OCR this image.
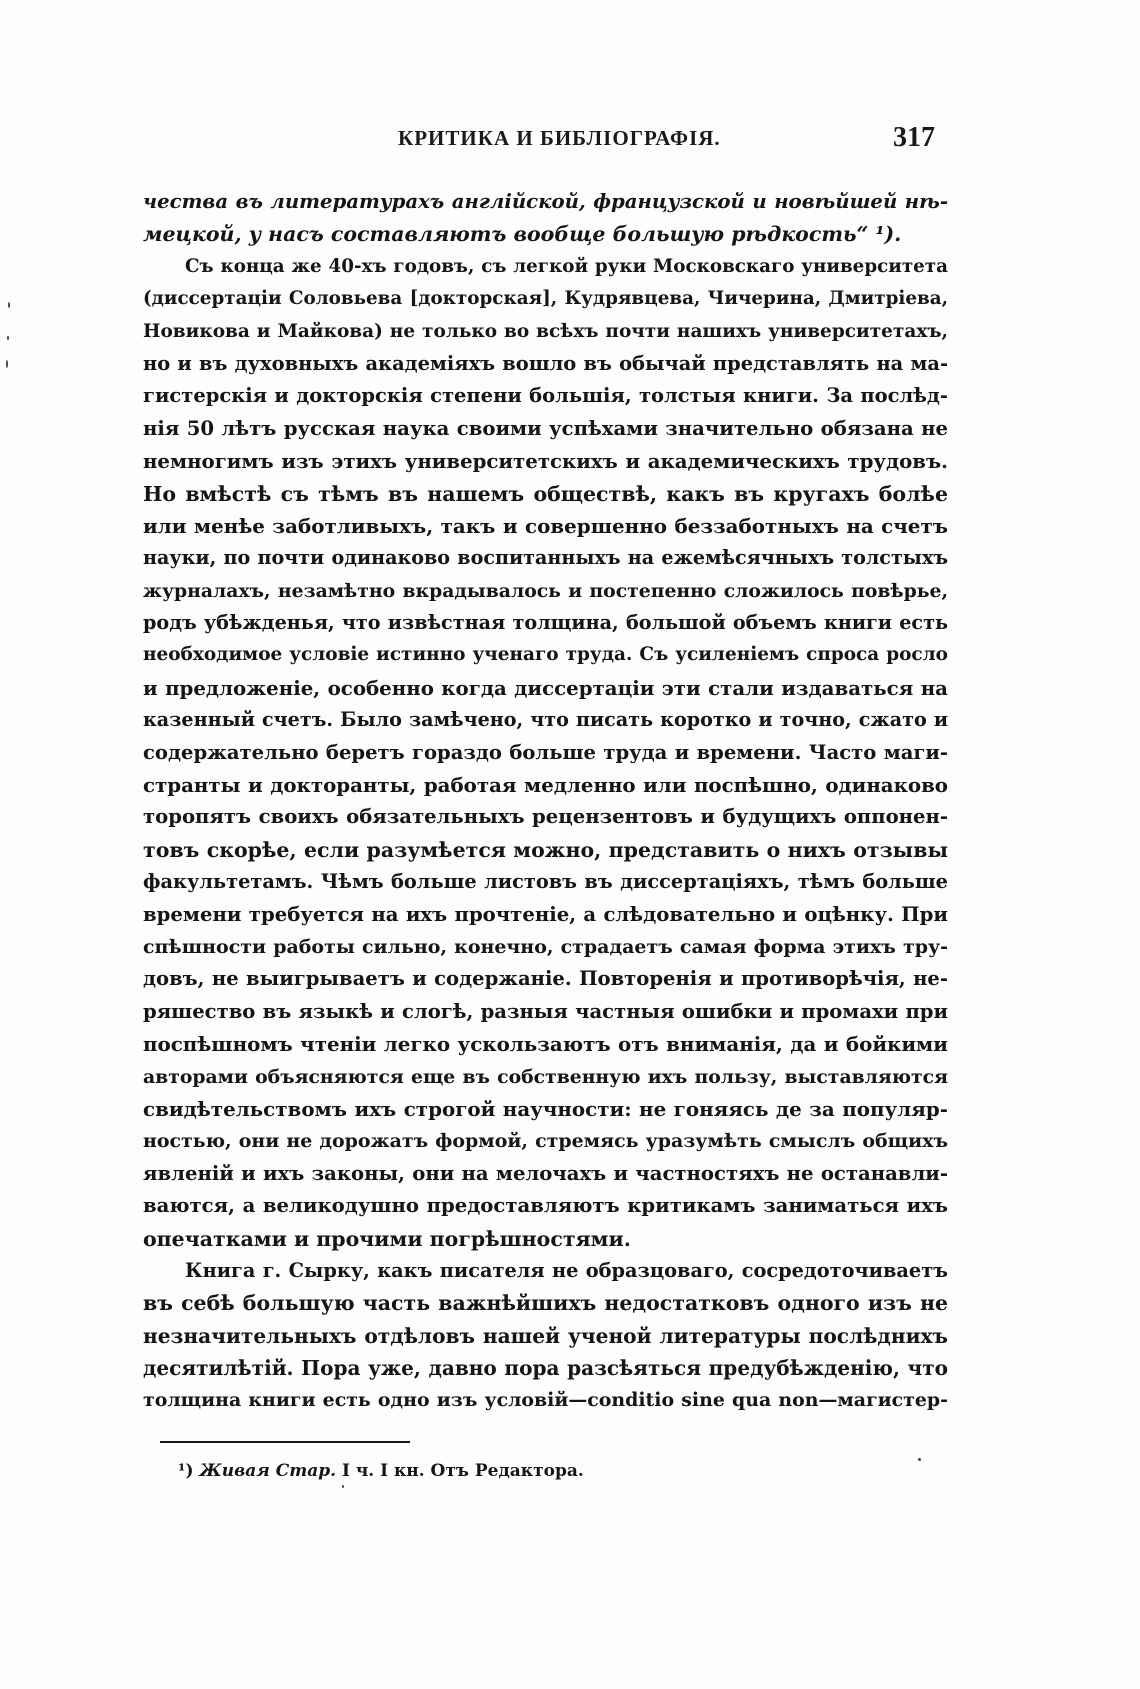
КРИТИКА И БИБЛІОГРАФІЯ.	317
чества въ литературахъ англійской, французской и новѣйшей нѣ-
мецкой, у насъ составляютъ вообще большую рѣдкость“ ¹).
Съ конца же 40-хъ годовъ, съ легкой руки Московскаго университета
(диссертаціи Соловьева [докторская], Кудрявцева, Чичерина, Дмитріева,
Новикова и Майкова) не только во всѣхъ почти нашихъ университетахъ,
но и въ духовныхъ академіяхъ вошло въ обычай представлять на ма-
гистерскія и докторскія степени большія, толстыя книги. За послѣд-
нія 50 лѣтъ русская наука своими успѣхами значительно обязана не
немногимъ изъ этихъ университетскихъ и академическихъ трудовъ.
Но вмѣстѣ съ тѣмъ въ нашемъ обществѣ, какъ въ кругахъ болѣе
или менѣе заботливыхъ, такъ и совершенно беззаботныхъ на счетъ
науки, по почти одинаково воспитанныхъ на ежемѣсячныхъ толстыхъ
журналахъ, незамѣтно вкрадывалось и постепенно сложилось повѣрье,
родъ убѣжденья, что извѣстная толщина, большой объемъ книги есть
необходимое условіе истинно ученаго труда. Съ усиленіемъ спроса росло
и предложеніе, особенно когда диссертаціи эти стали издаваться на
казенный счетъ. Было замѣчено, что писать коротко и точно, сжато и
содержательно беретъ гораздо больше труда и времени. Часто маги-
странты и докторанты, работая медленно или поспѣшно, одинаково
торопятъ своихъ обязательныхъ рецензентовъ и будущихъ оппонен-
товъ скорѣе, если разумѣется можно, представить о нихъ отзывы
факультетамъ. Чѣмъ больше листовъ въ диссертаціяхъ, тѣмъ больше
времени требуется на ихъ прочтеніе, а слѣдовательно и оцѣнку. При
спѣшности работы сильно, конечно, страдаетъ самая форма этихъ тру-
довъ, не выигрываетъ и содержаніе. Повторенія и противорѣчія, не-
ряшество въ языкѣ и слогѣ, разныя частныя ошибки и промахи при
поспѣшномъ чтеніи легко ускользаютъ отъ вниманія, да и бойкими
авторами объясняются еще въ собственную ихъ пользу, выставляются
свидѣтельствомъ ихъ строгой научности: не гоняясь де за популяр-
ностью, они не дорожатъ формой, стремясь уразумѣть смыслъ общихъ
явленій и ихъ законы, они на мелочахъ и частностяхъ не останавли-
ваются, а великодушно предоставляютъ критикамъ заниматься ихъ
опечатками и прочими погрѣшностями.
Книга г. Сырку, какъ писателя не образцоваго, сосредоточиваетъ
въ себѣ большую часть важнѣйшихъ недостатковъ одного изъ не
незначительныхъ отдѣловъ нашей ученой литературы послѣднихъ
десятилѣтій. Пора уже, давно пора разсѣяться предубѣжденію, что
толщина книги есть одно изъ условій—conditio sine qua non—магистер-
¹) Живая Стар. I ч. I кн. Отъ Редактора.
